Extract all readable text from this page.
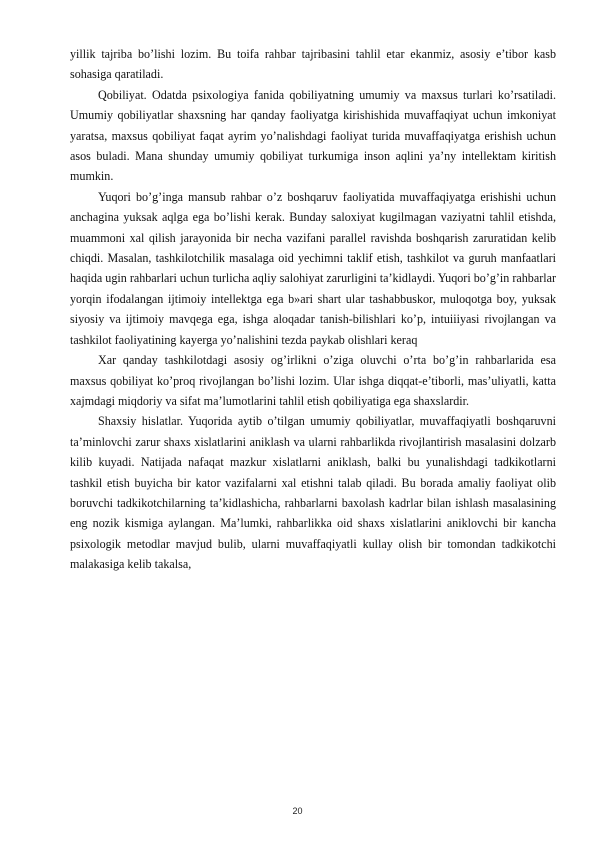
yillik tajriba bo’lishi lozim. Bu toifa rahbar tajribasini tahlil etar ekanmiz, asosiy e’tibor kasb sohasiga qaratiladi.

Qobiliyat. Odatda psixologiya fanida qobiliyatning umumiy va maxsus turlari ko’rsatiladi. Umumiy qobiliyatlar shaxsning har qanday faoliyatga kirishishida muvaffaqiyat uchun imkoniyat yaratsa, maxsus qobiliyat faqat ayrim yo’nalishdagi faoliyat turida muvaffaqiyatga erishish uchun asos buladi. Mana shunday umumiy qobiliyat turkumiga inson aqlini ya’ny intellektam kiritish mumkin.

Yuqori bo’g’inga mansub rahbar o’z boshqaruv faoliyatida muvaffaqiyatga erishishi uchun anchagina yuksak aqlga ega bo’lishi kerak. Bunday saloxiyat kugilmagan vaziyatni tahlil etishda, muammoni xal qilish jarayonida bir necha vazifani parallel ravishda boshqarish zaruratidan kelib chiqdi. Masalan, tashkilotchilik masalaga oid yechimni taklif etish, tashkilot va guruh manfaatlari haqida ugin rahbarlari uchun turlicha aqliy salohiyat zarurligini ta’kidlaydi. Yuqori bo’g’in rahbarlar yorqin ifodalangan ijtimoiy intellektga ega b»ari shart ular tashabbuskor, muloqotga boy, yuksak siyosiy va ijtimoiy mavqega ega, ishga aloqadar tanish-bilishlari ko’p, intuiiiyasi rivojlangan va tashkilot faoliyatining kayerga yo’nalishini tezda paykab olishlari keraq

Xar qanday tashkilotdagi asosiy og’irlikni o’ziga oluvchi o’rta bo’g’in rahbarlarida esa maxsus qobiliyat ko’proq rivojlangan bo’lishi lozim. Ular ishga diqqat-e’tiborli, mas’uliyatli, katta xajmdagi miqdoriy va sifat ma’lumotlarini tahlil etish qobiliyatiga ega shaxslardir.

Shaxsiy hislatlar. Yuqorida aytib o’tilgan umumiy qobiliyatlar, muvaffaqiyatli boshqaruvni ta’minlovchi zarur shaxs xislatlarini aniklash va ularni rahbarlikda rivojlantirish masalasini dolzarb kilib kuyadi. Natijada nafaqat mazkur xislatlarni aniklash, balki bu yunalishdagi tadkikotlarni tashkil etish buyicha bir kator vazifalarni xal etishni talab qiladi. Bu borada amaliy faoliyat olib boruvchi tadkikotchilarning ta’kidlashicha, rahbarlarni baxolash kadrlar bilan ishlash masalasining eng nozik kismiga aylangan. Ma’lumki, rahbarlikka oid shaxs xislatlarini aniklovchi bir kancha psixologik metodlar mavjud bulib, ularni muvaffaqiyatli kullay olish bir tomondan tadkikotchi malakasiga kelib takalsa,

20
